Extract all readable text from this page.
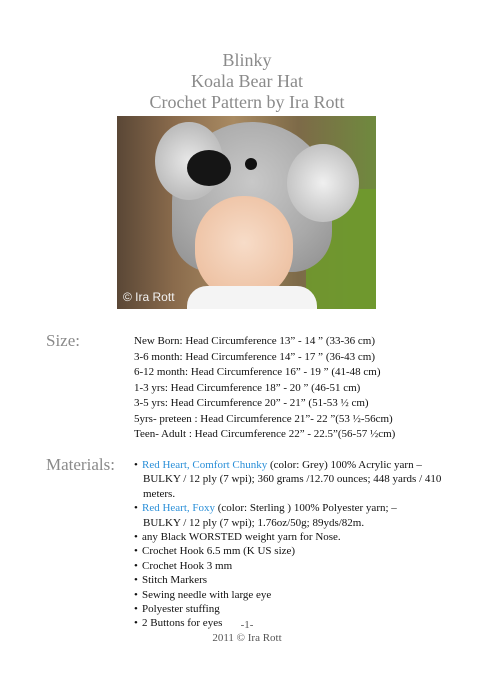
Blinky
Koala Bear Hat
Crochet Pattern by Ira Rott
© Ira Rott
Size:	New Born: Head Circumference 13” - 14 ” (33-36 cm)
3-6 month: Head Circumference 14” - 17 ” (36-43 cm)
6-12 month: Head Circumference 16” - 19 ” (41-48 cm)
1-3 yrs: Head Circumference 18” - 20 ” (46-51 cm)
3-5 yrs: Head Circumference 20” - 21” (51-53 ½ cm)
5yrs- preteen : Head Circumference 21”- 22 ”(53 ½-56cm)
Teen- Adult : Head Circumference 22” - 22.5”(56-57 ½cm)
Materials: • Red Heart, Comfort Chunky (color: Grey) 100% Acrylic yarn –
BULKY / 12 ply (7 wpi); 360 grams /12.70 ounces; 448 yards / 410 meters.
• Red Heart, Foxy (color: Sterling ) 100% Polyester yarn; –
BULKY / 12 ply (7 wpi); 1.76oz/50g; 89yds/82m.
• any Black WORSTED weight yarn for Nose.
• Crochet Hook 6.5 mm (K US size)
• Crochet Hook 3 mm
• Stitch Markers
• Sewing needle with large eye
• Polyester stuffing
• 2 Buttons for eyes	-1-
2011 © Ira Rott
